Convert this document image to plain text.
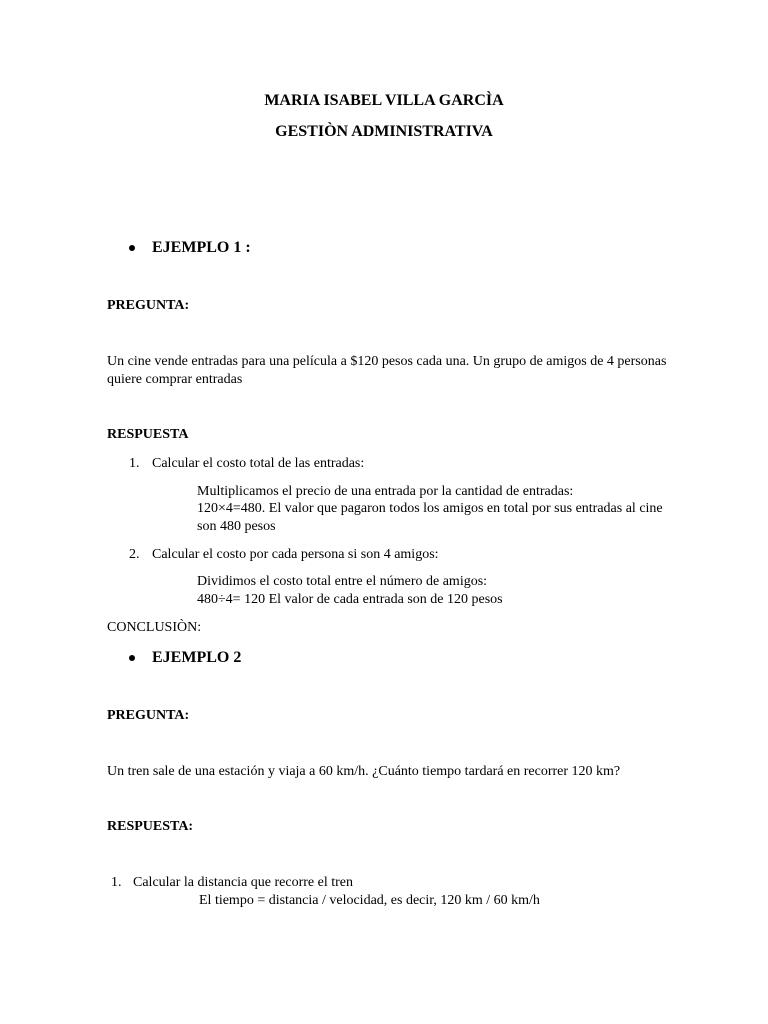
MARIA ISABEL VILLA GARCÌA
GESTIÒN ADMINISTRATIVA
EJEMPLO 1 :
PREGUNTA:
Un cine vende entradas para una película a $120 pesos cada una. Un grupo de amigos de 4 personas
quiere comprar entradas
RESPUESTA
1. Calcular el costo total de las entradas:
Multiplicamos el precio de una entrada por la cantidad de entradas:
120×4=480. El valor que pagaron todos los amigos en total por sus entradas al cine
son 480 pesos
2. Calcular el costo por cada persona si son 4 amigos:
Dividimos el costo total entre el número de amigos:
480÷4= 120 El valor de cada entrada son de 120 pesos
CONCLUSIÒN:
EJEMPLO 2
PREGUNTA:
Un tren sale de una estación y viaja a 60 km/h. ¿Cuánto tiempo tardará en recorrer 120 km?
RESPUESTA:
1. Calcular la distancia que recorre el tren
El tiempo = distancia / velocidad, es decir, 120 km / 60 km/h
